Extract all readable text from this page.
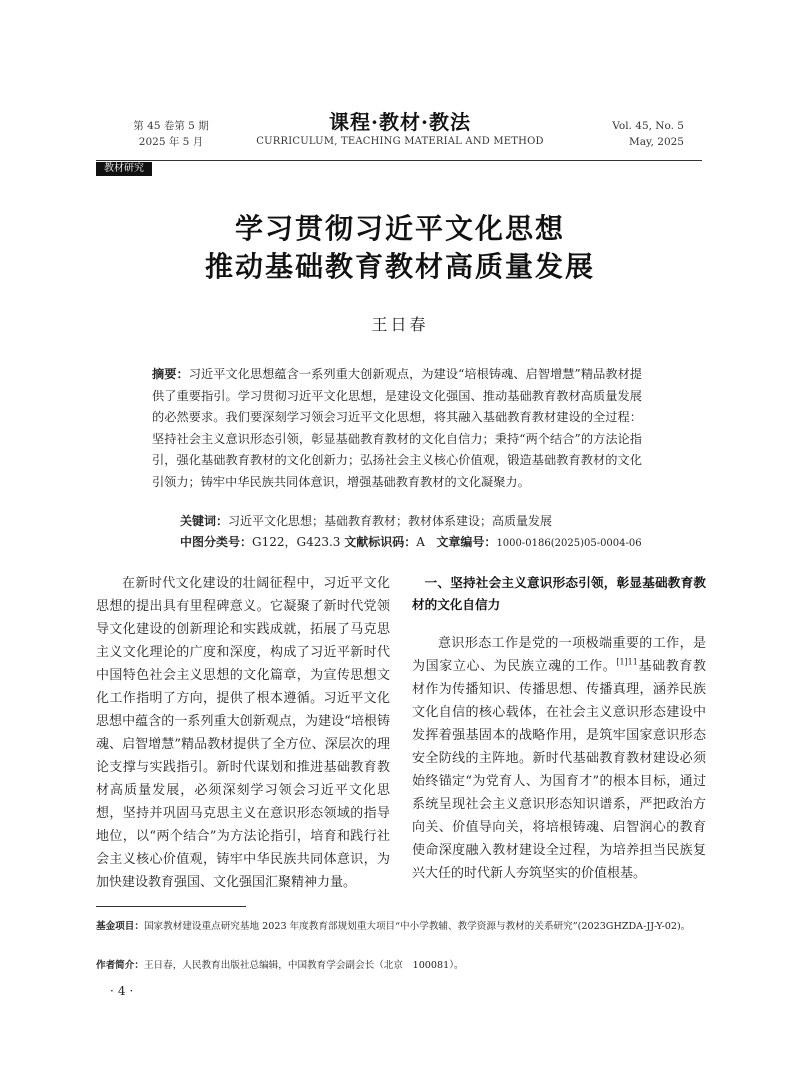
第 45 卷第 5 期
2025 年 5 月
课程·教材·教法
CURRICULUM, TEACHING MATERIAL AND METHOD
Vol. 45, No. 5
May, 2025
教材研究
学习贯彻习近平文化思想
推动基础教育教材高质量发展
王日春
摘要：习近平文化思想蕴含一系列重大创新观点，为建设“培根铸魂、启智增慧”精品教材提供了重要指引。学习贯彻习近平文化思想，是建设文化强国、推动基础教育教材高质量发展的必然要求。我们要深刻学习领会习近平文化思想，将其融入基础教育教材建设的全过程：坚持社会主义意识形态引领，彰显基础教育教材的文化自信力；秉持“两个结合”的方法论指引，强化基础教育教材的文化创新力；弘扬社会主义核心价值观，锻造基础教育教材的文化引领力；铸牢中华民族共同体意识，增强基础教育教材的文化凝聚力。
关键词：习近平文化思想；基础教育教材；教材体系建设；高质量发展
中图分类号：G122，G423.3 文献标识码：A 文章编号：1000-0186(2025)05-0004-06

在新时代文化建设的壮阔征程中，习近平文化思想的提出具有里程碑意义。它凝聚了新时代党领导文化建设的创新理论和实践成就，拓展了马克思主义文化理论的广度和深度，构成了习近平新时代中国特色社会主义思想的文化篇章，为宣传思想文化工作指明了方向，提供了根本遵循。习近平文化思想中蕴含的一系列重大创新观点，为建设“培根铸魂、启智增慧”精品教材提供了全方位、深层次的理论支撑与实践指引。新时代谋划和推进基础教育教材高质量发展，必须深刻学习领会习近平文化思想，坚持并巩固马克思主义在意识形态领域的指导地位，以“两个结合”为方法论指引，培育和践行社会主义核心价值观，铸牢中华民族共同体意识，为加快建设教育强国、文化强国汇聚精神力量。

一、坚持社会主义意识形态引领，彰显基础教育教材的文化自信力

意识形态工作是党的一项极端重要的工作，是为国家立心、为民族立魂的工作。$^{[1]11}$基础教育教材作为传播知识、传播思想、传播真理，涵养民族文化自信的核心载体，在社会主义意识形态建设中发挥着强基固本的战略作用，是筑牢国家意识形态安全防线的主阵地。新时代基础教育教材建设必须始终锚定“为党育人、为国育才”的根本目标，通过系统呈现社会主义意识形态知识谱系，严把政治方向关、价值导向关，将培根铸魂、启智润心的教育使命深度融入教材建设全过程，为培养担当民族复兴大任的时代新人夯筑坚实的价值根基。

基金项目：国家教材建设重点研究基地 2023 年度教育部规划重大项目“中小学教辅、教学资源与教材的关系研究”(2023GHZDA-JJ-Y-02)。
作者简介：王日春，人民教育出版社总编辑，中国教育学会副会长（北京　100081）。
·4·
